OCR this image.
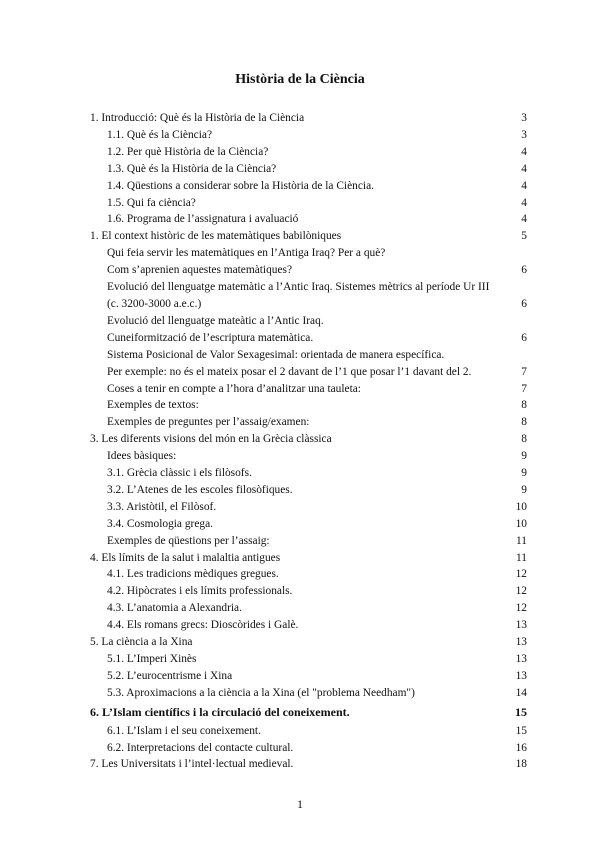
Història de la Ciència
1. Introducció: Què és la Història de la Ciència	3
1.1. Què és la Ciència?	3
1.2. Per què Història de la Ciència?	4
1.3. Què és la Història de la Ciència?	4
1.4. Qüestions a considerar sobre la Història de la Ciència.	4
1.5. Qui fa ciència?	4
1.6. Programa de l’assignatura i avaluació	4
1. El context històric de les matemàtiques babilòniques	5
Qui feia servir les matemàtiques en l’Antiga Iraq? Per a què?
Com s’aprenien aquestes matemàtiques?	6
Evolució del llenguatge matemàtic a l’Antic Iraq. Sistemes mètrics al període Ur III (c. 3200-3000 a.e.c.)	6
Evolució del llenguatge mateàtic a l’Antic Iraq.
Cuneiformització de l’escriptura matemàtica.	6
Sistema Posicional de Valor Sexagesimal: orientada de manera específica.
Per exemple: no és el mateix posar el 2 davant de l’1 que posar l’1 davant del 2.	7
Coses a tenir en compte a l’hora d’analitzar una tauleta:	7
Exemples de textos:	8
Exemples de preguntes per l’assaig/examen:	8
3. Les diferents visions del món en la Grècia clàssica	8
Idees bàsiques:	9
3.1. Grècia clàssic i els filòsofs.	9
3.2. L’Atenes de les escoles filosòfiques.	9
3.3. Aristòtil, el Filòsof.	10
3.4. Cosmologia grega.	10
Exemples de qüestions per l’assaig:	11
4. Els límits de la salut i malaltia antigues	11
4.1. Les tradicions mèdiques gregues.	12
4.2. Hipòcrates i els límits professionals.	12
4.3. L’anatomia a Alexandria.	12
4.4. Els romans grecs: Dioscòrides i Galè.	13
5. La ciència a la Xina	13
5.1. L’Imperi Xinès	13
5.2. L’eurocentrisme i Xina	13
5.3. Aproximacions a la ciència a la Xina (el "problema Needham")	14
6. L’Islam científics i la circulació del coneixement.	15
6.1. L’Islam i el seu coneixement.	15
6.2. Interpretacions del contacte cultural.	16
7. Les Universitats i l’intel·lectual medieval.	18
1
